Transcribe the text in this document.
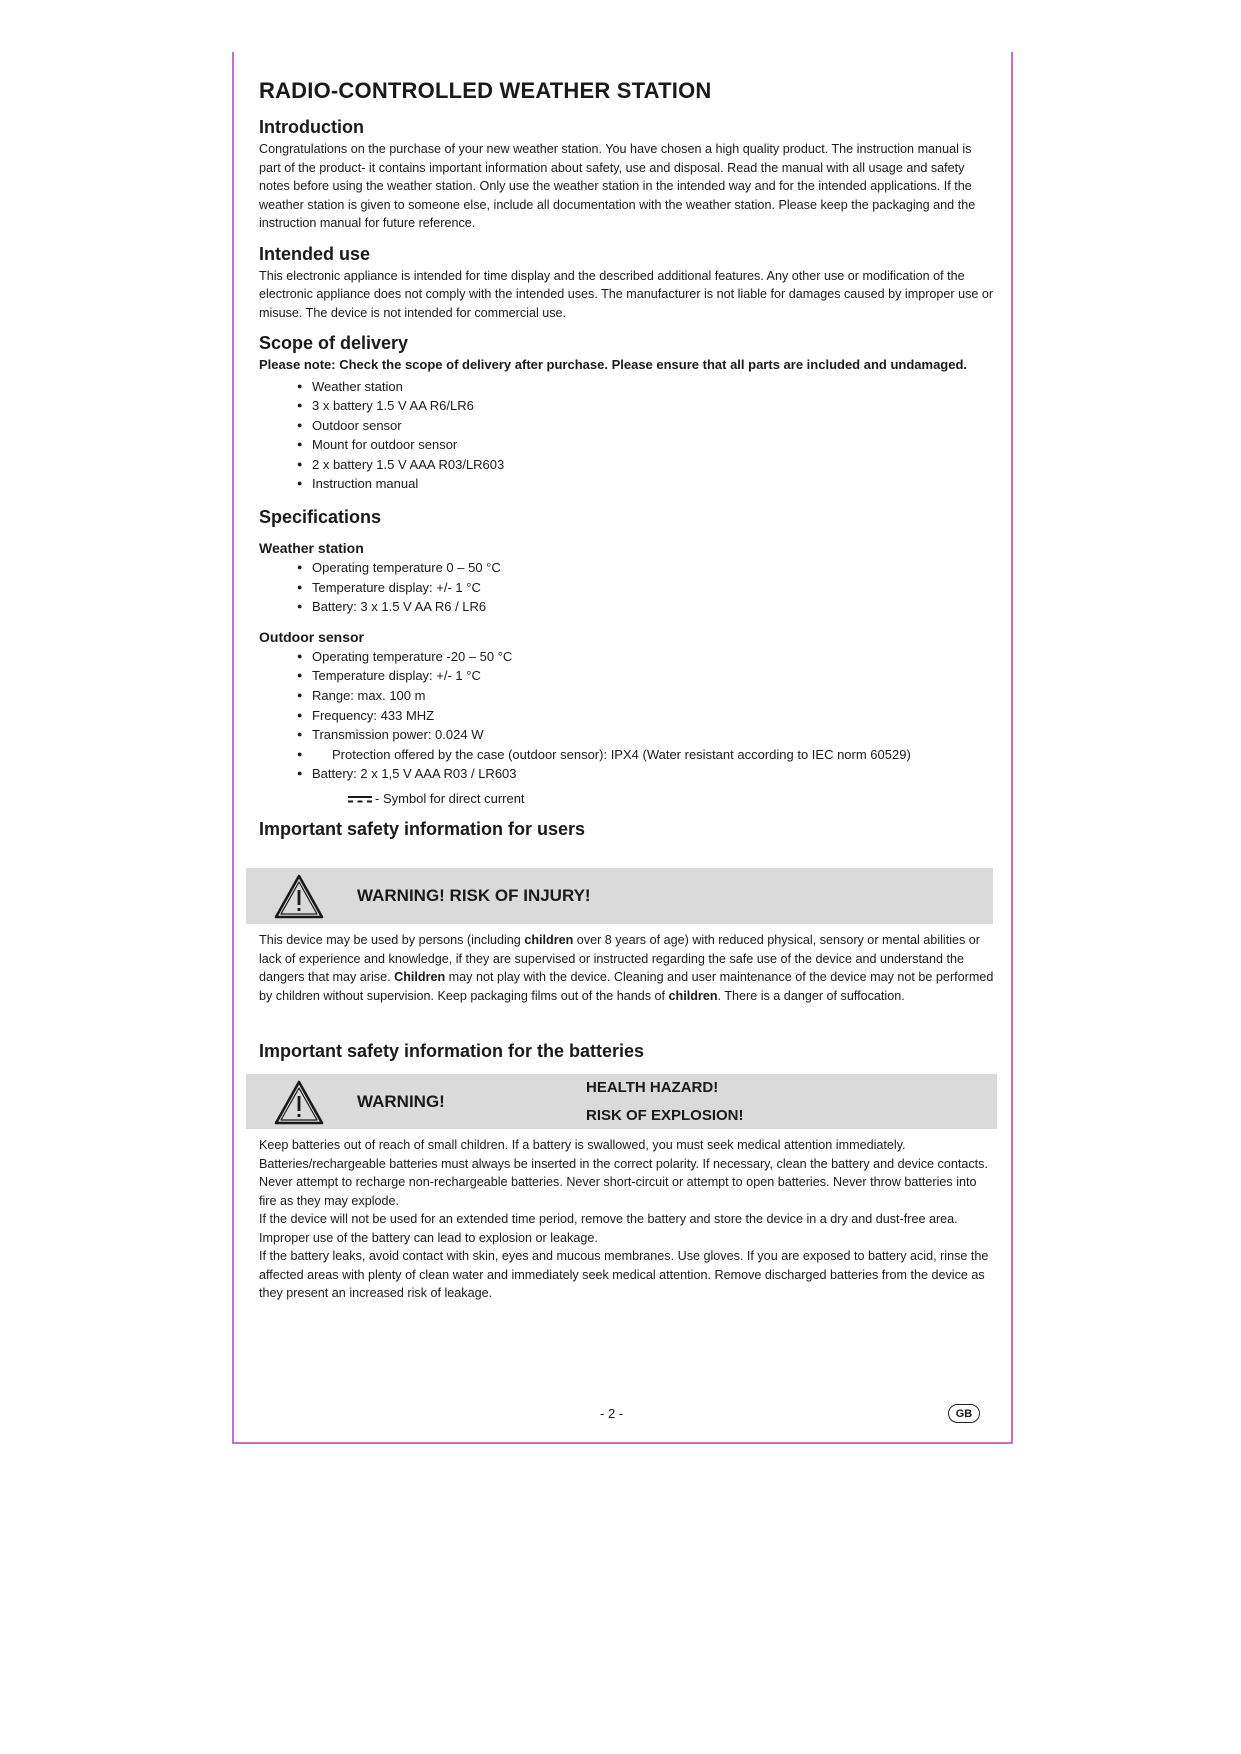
RADIO-CONTROLLED WEATHER STATION
Introduction

Congratulations on the purchase of your new weather station. You have chosen a high quality product. The instruction manual is part of the product- it contains important information about safety, use and disposal. Read the manual with all usage and safety notes before using the weather station. Only use the weather station in the intended way and for the intended applications. If the weather station is given to someone else, include all documentation with the weather station. Please keep the packaging and the instruction manual for future reference.

Intended use

This electronic appliance is intended for time display and the described additional features. Any other use or modification of the electronic appliance does not comply with the intended uses. The manufacturer is not liable for damages caused by improper use or misuse. The device is not intended for commercial use.

Scope of delivery

Please note: Check the scope of delivery after purchase. Please ensure that all parts are included and undamaged.

● Weather station
● 3 x battery 1.5 V AA R6/LR6
● Outdoor sensor
● Mount for outdoor sensor
● 2 x battery 1.5 V AAA R03/LR603
● Instruction manual
Specifications
Weather station
● Operating temperature 0 – 50 °C
● Temperature display: +/- 1 °C
● Battery: 3 x 1.5 V AA R6 / LR6
Outdoor sensor
● Operating temperature -20 – 50 °C
● Temperature display: +/- 1 °C
● Range: max. 100 m
● Frequency: 433 MHZ
● Transmission power: 0.024 W
● Protection offered by the case (outdoor sensor): IPX4 (Water resistant according to IEC norm 60529)
● Battery: 2 x 1,5 V AAA R03 / LR603
- Symbol for direct current
Important safety information for users
WARNING! RISK OF INJURY!

This device may be used by persons (including children over 8 years of age) with reduced physical, sensory or mental abilities or lack of experience and knowledge, if they are supervised or instructed regarding the safe use of the device and understand the dangers that may arise. Children may not play with the device. Cleaning and user maintenance of the device may not be performed by children without supervision. Keep packaging films out of the hands of children. There is a danger of suffocation.

Important safety information for the batteries
WARNING!
HEALTH HAZARD!
RISK OF EXPLOSION!

Keep batteries out of reach of small children. If a battery is swallowed, you must seek medical attention immediately. Batteries/rechargeable batteries must always be inserted in the correct polarity. If necessary, clean the battery and device contacts. Never attempt to recharge non-rechargeable batteries. Never short-circuit or attempt to open batteries. Never throw batteries into fire as they may explode.

If the device will not be used for an extended time period, remove the battery and store the device in a dry and dust-free area. Improper use of the battery can lead to explosion or leakage.

If the battery leaks, avoid contact with skin, eyes and mucous membranes. Use gloves. If you are exposed to battery acid, rinse the affected areas with plenty of clean water and immediately seek medical attention. Remove discharged batteries from the device as they present an increased risk of leakage.

- 2 -	GB
